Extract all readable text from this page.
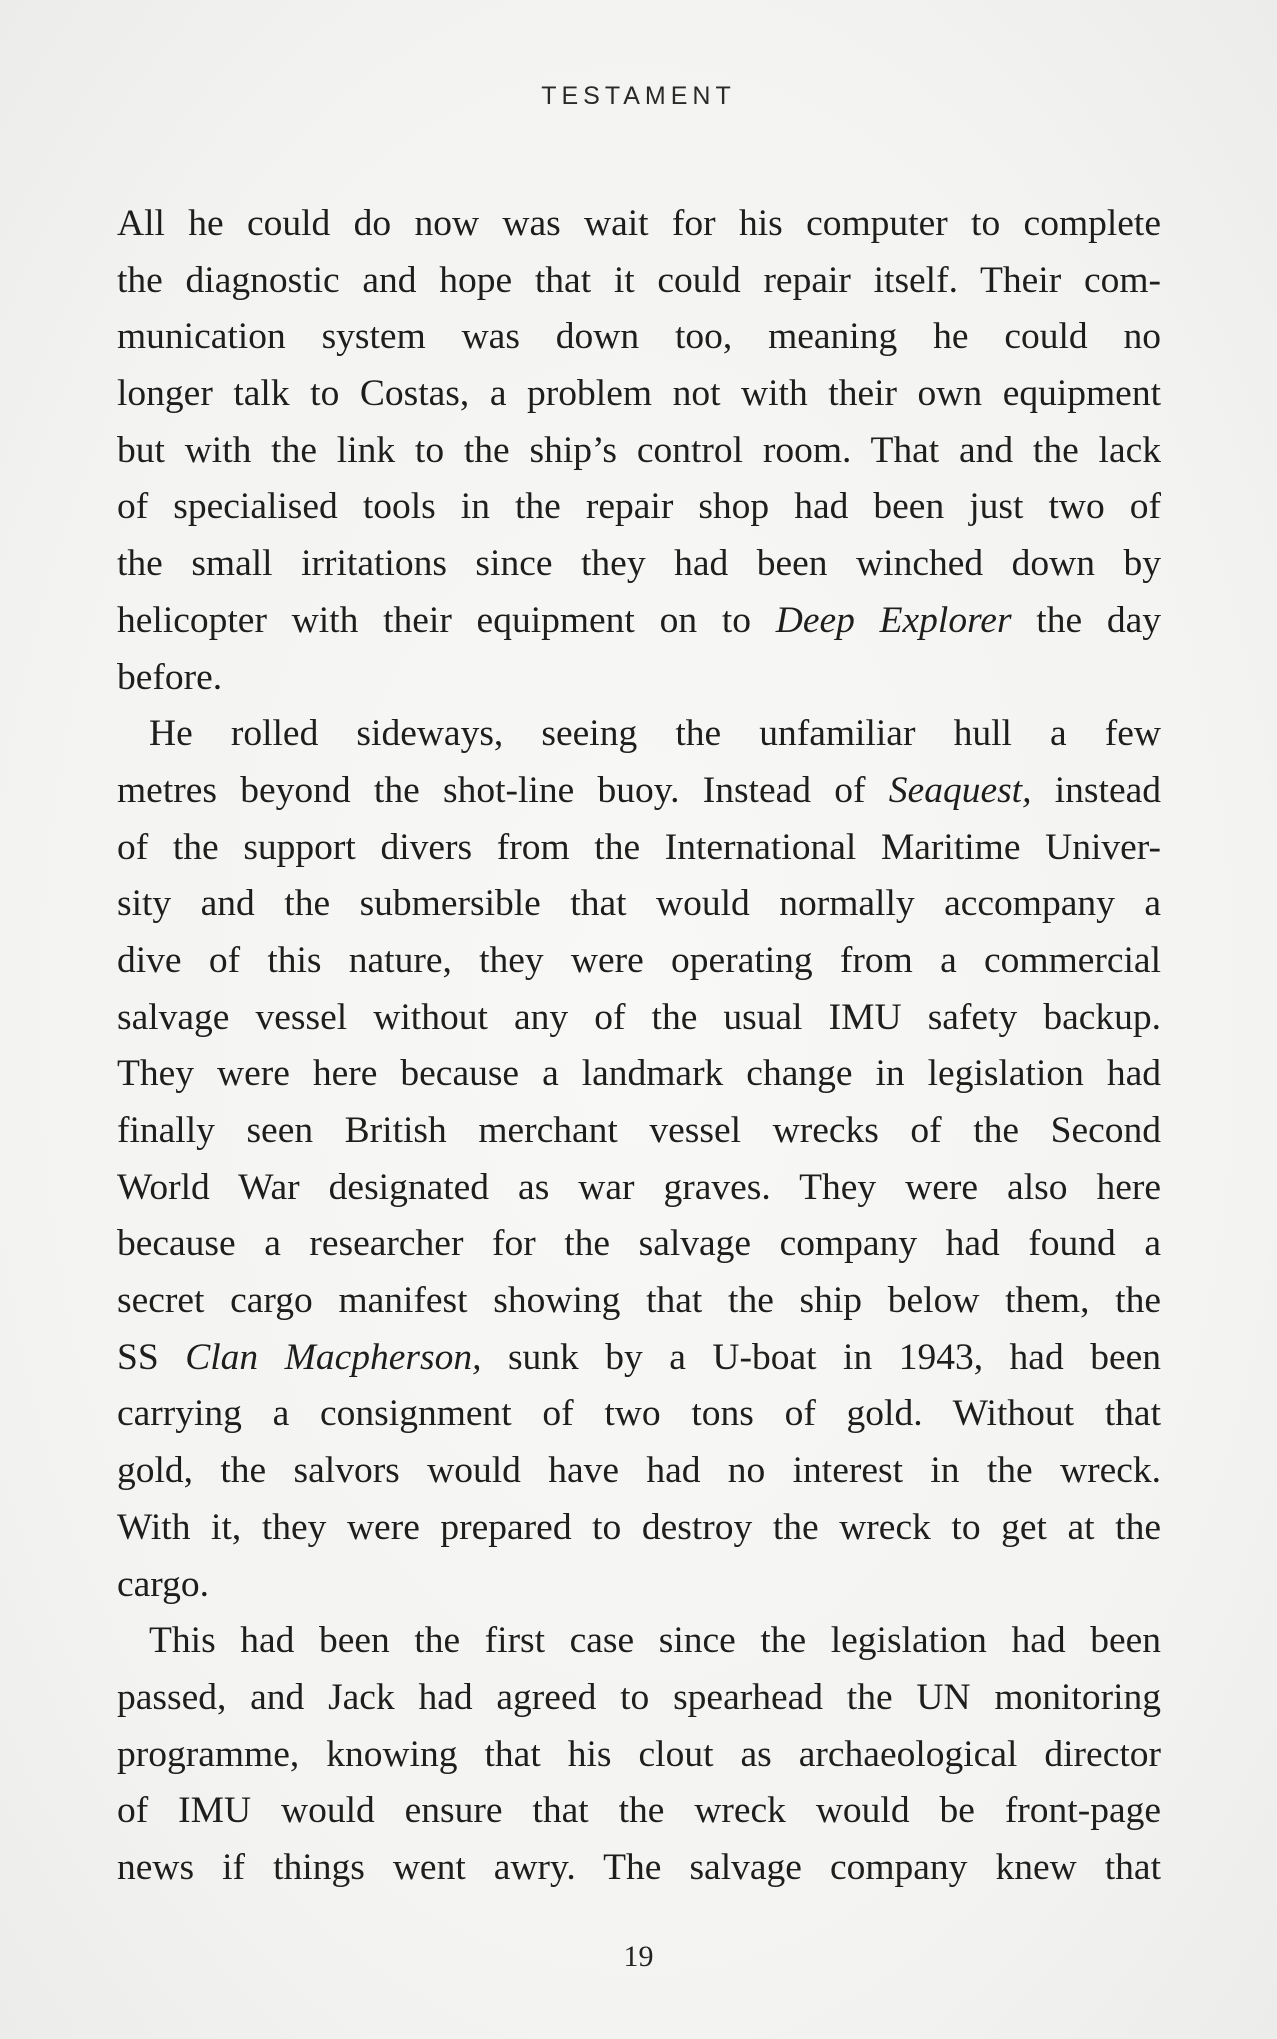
TESTAMENT
All he could do now was wait for his computer to complete
the diagnostic and hope that it could repair itself. Their com-
munication system was down too, meaning he could no
longer talk to Costas, a problem not with their own equipment
but with the link to the ship’s control room. That and the lack
of specialised tools in the repair shop had been just two of
the small irritations since they had been winched down by
helicopter with their equipment on to Deep Explorer the day
before.
He rolled sideways, seeing the unfamiliar hull a few
metres beyond the shot-line buoy. Instead of Seaquest, instead
of the support divers from the International Maritime Univer-
sity and the submersible that would normally accompany a
dive of this nature, they were operating from a commercial
salvage vessel without any of the usual IMU safety backup.
They were here because a landmark change in legislation had
finally seen British merchant vessel wrecks of the Second
World War designated as war graves. They were also here
because a researcher for the salvage company had found a
secret cargo manifest showing that the ship below them, the
SS Clan Macpherson, sunk by a U-boat in 1943, had been
carrying a consignment of two tons of gold. Without that
gold, the salvors would have had no interest in the wreck.
With it, they were prepared to destroy the wreck to get at the
cargo.
This had been the first case since the legislation had been
passed, and Jack had agreed to spearhead the UN monitoring
programme, knowing that his clout as archaeological director
of IMU would ensure that the wreck would be front-page
news if things went awry. The salvage company knew that
19
